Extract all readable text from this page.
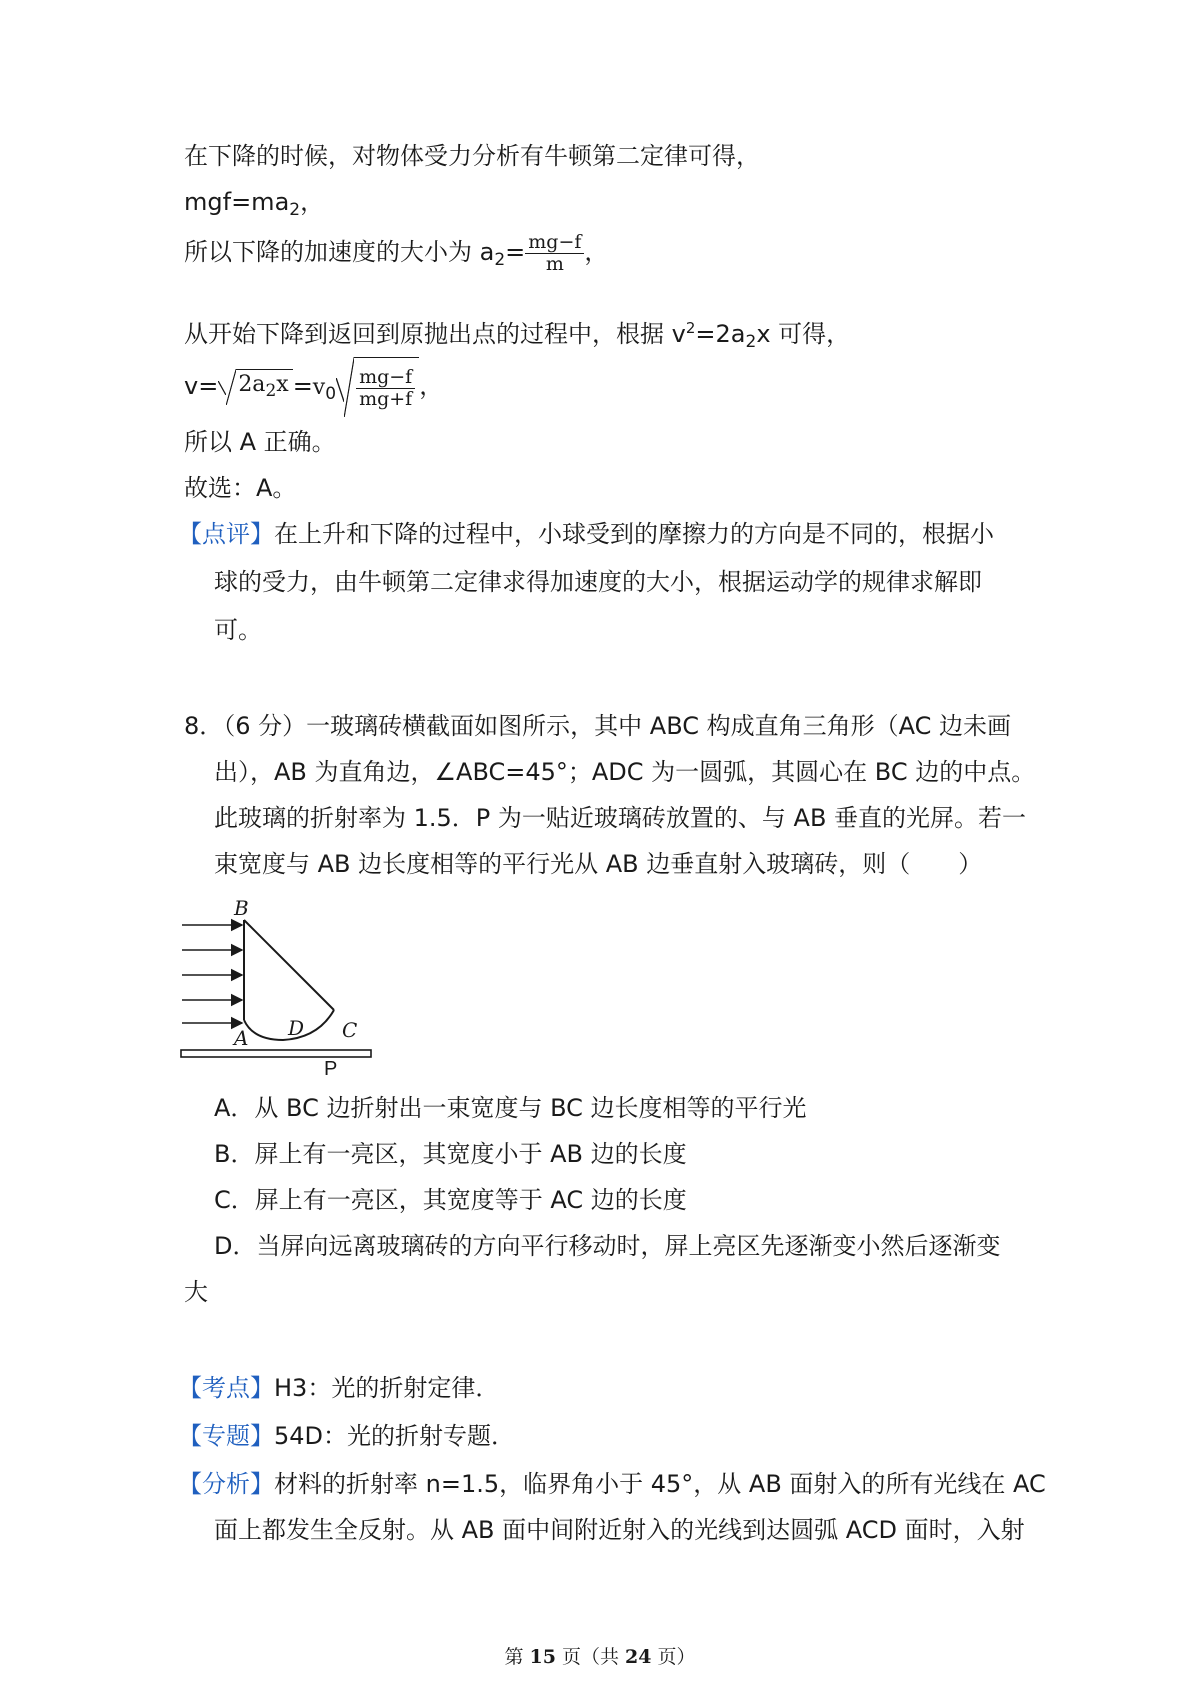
在下降的时候，对物体受力分析有牛顿第二定律可得，
$mgf=ma_2$，
所以下降的加速度的大小为 $a_2= \frac{mg-f}{m}$ ，
从开始下降到返回到原抛出点的过程中，根据 $v^2=2a_2x$ 可得，
$v= 2a_2x =v_0 \frac{mg-f}{mg+f}$ ，
所以 A 正确。
故选：A。
【点评】在上升和下降的过程中，小球受到的摩擦力的方向是不同的，根据小
球的受力，由牛顿第二定律求得加速度的大小，根据运动学的规律求解即
可。
8．（6 分）一玻璃砖横截面如图所示，其中 ABC 构成直角三角形（AC 边未画
出），AB 为直角边，∠ABC=45°；ADC 为一圆弧，其圆心在 BC 边的中点。
此玻璃的折射率为 1.5．P 为一贴近玻璃砖放置的、与 AB 垂直的光屏。若一
束宽度与 AB 边长度相等的平行光从 AB 边垂直射入玻璃砖，则（　　）
B
A D C
P
A．从 BC 边折射出一束宽度与 BC 边长度相等的平行光
B．屏上有一亮区，其宽度小于 AB 边的长度
C．屏上有一亮区，其宽度等于 AC 边的长度
D．当屏向远离玻璃砖的方向平行移动时，屏上亮区先逐渐变小然后逐渐变
大
【考点】H3：光的折射定律．
【专题】54D：光的折射专题．
【分析】材料的折射率 n=1.5，临界角小于 45°，从 AB 面射入的所有光线在 AC
面上都发生全反射。从 AB 面中间附近射入的光线到达圆弧 ACD 面时，入射
第 15 页（共 24 页）
